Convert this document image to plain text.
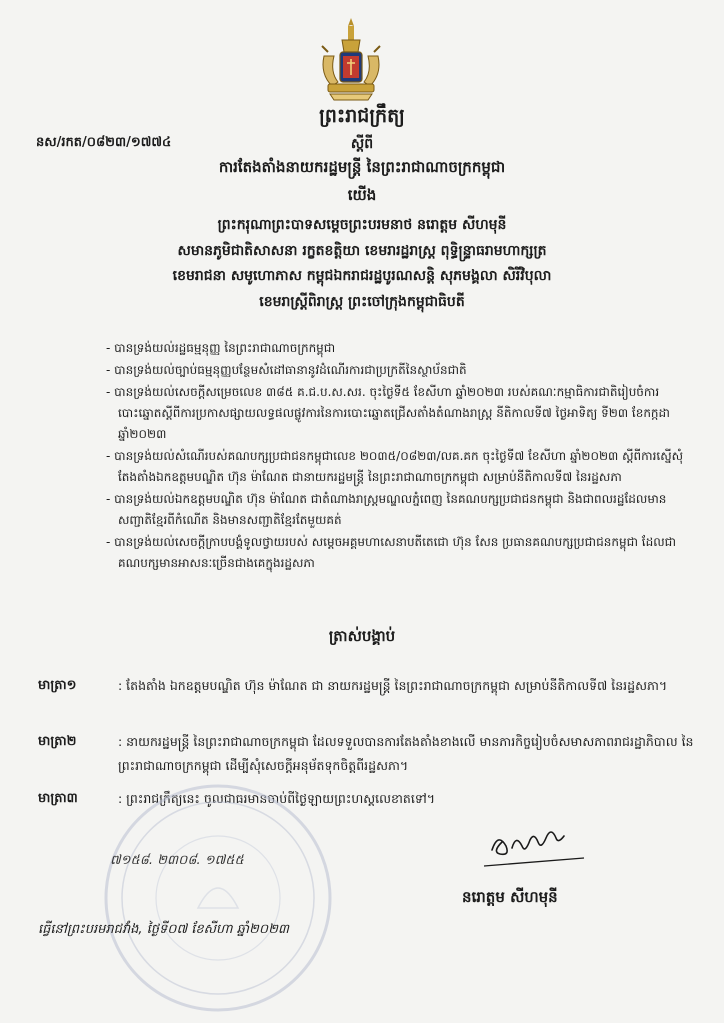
ព្រះរាជក្រឹត្យ
នស/រកត/០៨២៣/១៧៧៤	ស្ដីពី
ការតែងតាំងនាយករដ្ឋមន្ត្រី នៃព្រះរាជាណាចក្រកម្ពុជា
យើង
ព្រះករុណាព្រះបាទសម្តេចព្រះបរមនាថ នរោត្តម សីហមុនី
សមានភូមិជាតិសាសនា រក្ខតខត្តិយា ខេមរារដ្ឋរាស្ត្រ ពុទ្ធិន្ទ្រាធរាមហាក្សត្រ
ខេមរាជនា សមូហោភាស កម្ពុជឯករាជរដ្ឋបូរណសន្តិ សុភមង្គលា សិរីវិបុលា
ខេមរាស្ត្រីពិរាស្ត្រ ព្រះចៅក្រុងកម្ពុជាធិបតី
- បានទ្រង់យល់រដ្ឋធម្មនុញ្ញ នៃព្រះរាជាណាចក្រកម្ពុជា
- បានទ្រង់យល់ច្បាប់ធម្មនុញ្ញបន្ថែមសំដៅធានានូវដំណើរការជាប្រក្រតីនៃស្ថាប័នជាតិ
- បានទ្រង់យល់សេចក្តីសម្រេចលេខ ៣៨៥ គ.ជ.ប.ស.សរ. ចុះថ្ងៃទី៥ ខែសីហា ឆ្នាំ២០២៣ របស់គណៈកម្មាធិការជាតិរៀបចំការបោះឆ្នោតស្តីពីការប្រកាសផ្សាយលទ្ធផលផ្លូវការនៃការបោះឆ្នោតជ្រើសតាំងតំណាងរាស្ត្រ នីតិកាលទី៧ ថ្ងៃអាទិត្យ ទី២៣ ខែកក្កដា ឆ្នាំ២០២៣
- បានទ្រង់យល់សំណើរបស់គណបក្សប្រជាជនកម្ពុជាលេខ ២០៣៥/០៨២៣/លគ.គក ចុះថ្ងៃទី៧ ខែសីហា ឆ្នាំ២០២៣ ស្តីពីការស្នើសុំតែងតាំងឯកឧត្តមបណ្ឌិត ហ៊ុន ម៉ាណែត ជានាយករដ្ឋមន្ត្រី នៃព្រះរាជាណាចក្រកម្ពុជា សម្រាប់នីតិកាលទី៧ នៃរដ្ឋសភា
- បានទ្រង់យល់ឯកឧត្តមបណ្ឌិត ហ៊ុន ម៉ាណែត ជាតំណាងរាស្ត្រមណ្ឌលភ្នំពេញ នៃគណបក្សប្រជាជនកម្ពុជា និងជាពលរដ្ឋដែលមានសញ្ជាតិខ្មែរពីកំណើត និងមានសញ្ជាតិខ្មែរតែមួយគត់
- បានទ្រង់យល់សេចក្តីក្រាបបង្គំទូលថ្វាយរបស់ សម្តេចអគ្គមហាសេនាបតីតេជោ ហ៊ុន សែន ប្រធានគណបក្សប្រជាជនកម្ពុជា ដែលជាគណបក្សមានអាសនៈច្រើនជាងគេក្នុងរដ្ឋសភា
ត្រាស់បង្គាប់
មាត្រា១	: តែងតាំង ឯកឧត្តមបណ្ឌិត ហ៊ុន ម៉ាណែត ជា នាយករដ្ឋមន្ត្រី នៃព្រះរាជាណាចក្រកម្ពុជា សម្រាប់នីតិកាលទី៧ នៃរដ្ឋសភា។
មាត្រា២	: នាយករដ្ឋមន្ត្រី នៃព្រះរាជាណាចក្រកម្ពុជា ដែលទទួលបានការតែងតាំងខាងលើ មានភារកិច្ចរៀបចំសមាសភាពរាជរដ្ឋាភិបាល នៃព្រះរាជាណាចក្រកម្ពុជា ដើម្បីសុំសេចក្តីអនុម័តទុកចិត្តពីរដ្ឋសភា។
មាត្រា៣	: ព្រះរាជក្រឹត្យនេះ ចូលជាធរមានចាប់ពីថ្ងៃឡាយព្រះហស្តលេខាតទៅ។
៧១៥៨. ២៣០៨. ១៧៥៥
នរោត្តម សីហមុនី
ធ្វើនៅព្រះបរមរាជវាំង, ថ្ងៃទី០៧ ខែសីហា ឆ្នាំ២០២៣
